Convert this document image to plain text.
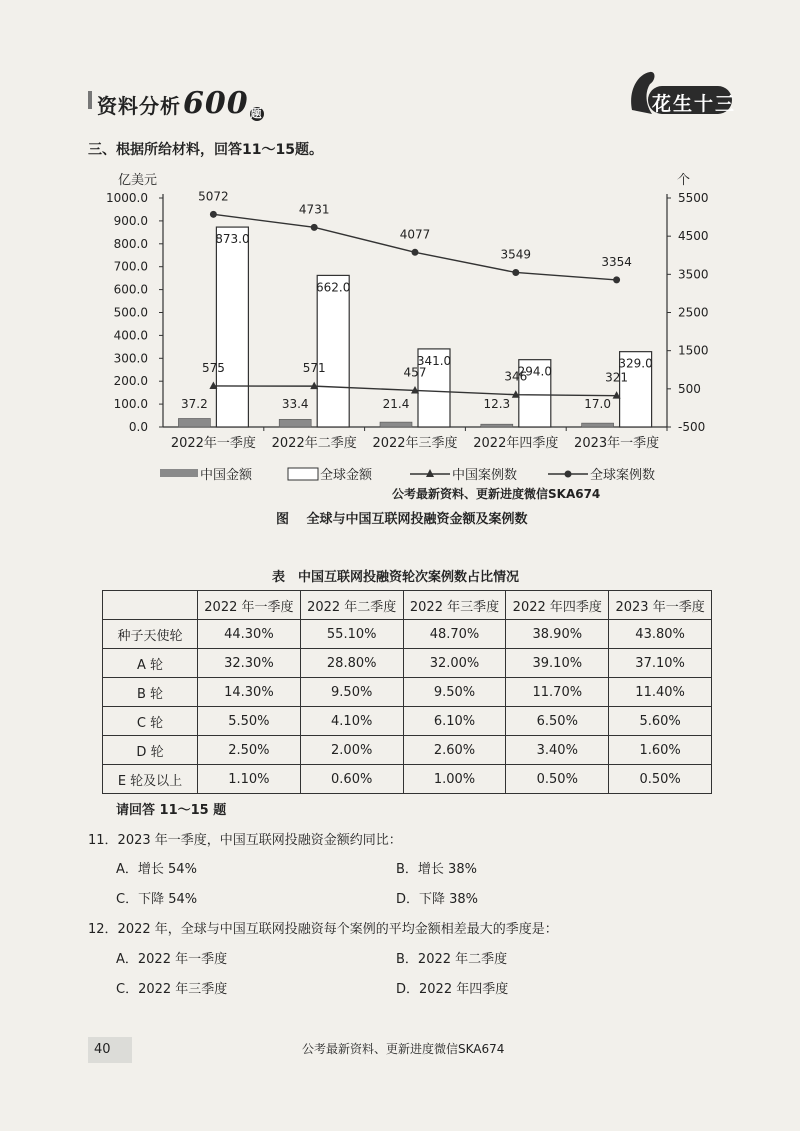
资料分析600 题	花生十三
三、根据所给材料，回答11～15题。
亿美元	个
1000.0
900.0
800.0
700.0
600.0
500.0
400.0
300.0
200.0
100.0
0.0
5500
4500
3500
2500
1500
500
-500
2022年一季度 2022年二季度 2022年三季度 2022年四季度 2023年一季度
37.2
873.0
33.4
662.0
21.4
341.0
12.3
294.0
17.0
329.0
5072
4731
4077
3549
3354
575	571	457	346	321
中国金额	全球金额	中国案例数	全球案例数
公考最新资料、更新进度微信SKA674
图　 全球与中国互联网投融资金额及案例数
表　中国互联网投融资轮次案例数占比情况
	2022 年一季度	2022 年二季度	2022 年三季度	2022 年四季度	2023 年一季度
种子天使轮	44.30%	55.10%	48.70%	38.90%	43.80%
A 轮	32.30%	28.80%	32.00%	39.10%	37.10%
B 轮	14.30%	9.50%	9.50%	11.70%	11.40%
C 轮	5.50%	4.10%	6.10%	6.50%	5.60%
D 轮	2.50%	2.00%	2.60%	3.40%	1.60%
E 轮及以上	1.10%	0.60%	1.00%	0.50%	0.50%
请回答 11～15 题
11．2023 年一季度，中国互联网投融资金额约同比：
A．增长 54%	B．增长 38%
C．下降 54%	D．下降 38%
12．2022 年，全球与中国互联网投融资每个案例的平均金额相差最大的季度是：
A．2022 年一季度	B．2022 年二季度
C．2022 年三季度	D．2022 年四季度
40	公考最新资料、更新进度微信SKA674
